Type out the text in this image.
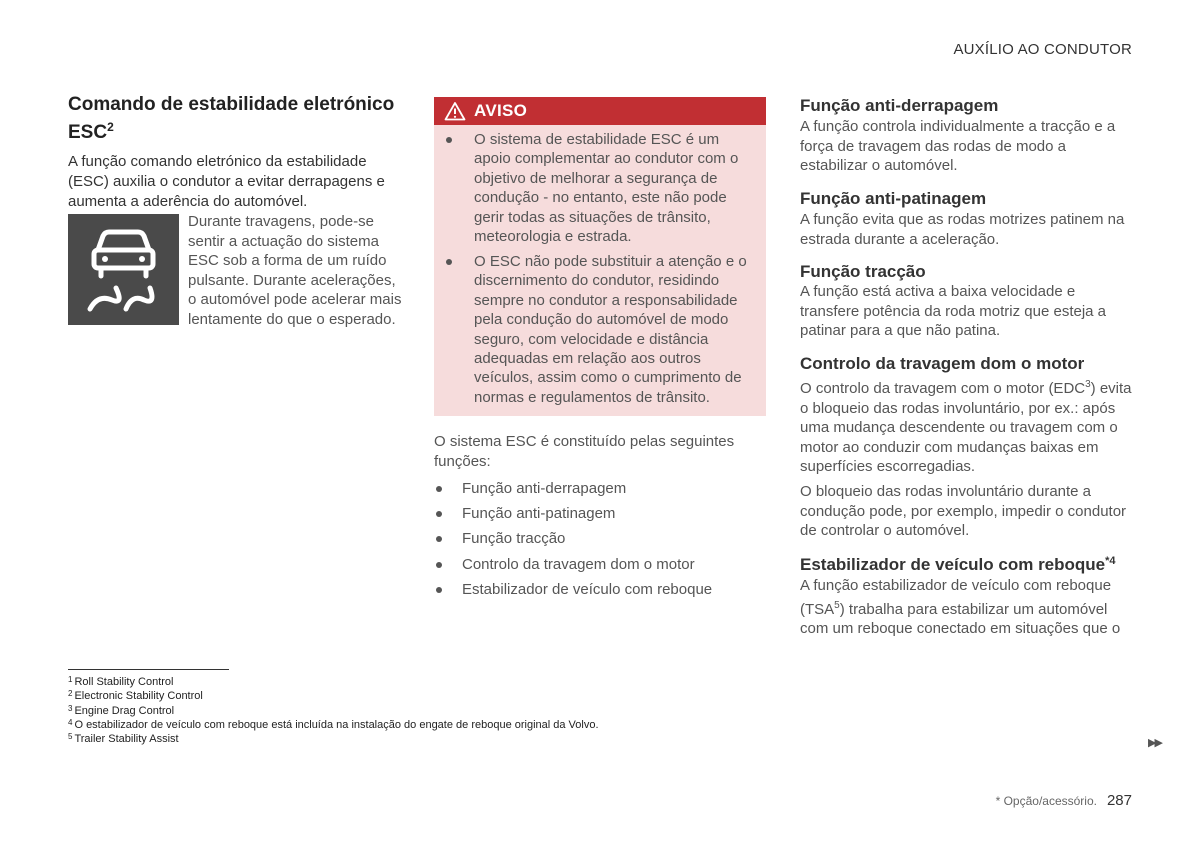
AUXÍLIO AO CONDUTOR
Comando de estabilidade eletrónico ESC$^2$

A função comando eletrónico da estabilidade (ESC) auxilia o condutor a evitar derrapagens e aumenta a aderência do automóvel.

Durante travagens, pode-se sentir a actuação do sistema ESC sob a forma de um ruído pulsante. Durante acelerações, o automóvel pode acelerar mais lentamente do que o esperado.
AVISO
O sistema de estabilidade ESC é um apoio complementar ao condutor com o objetivo de melhorar a segurança de condução - no entanto, este não pode gerir todas as situações de trânsito, meteorologia e estrada.
O ESC não pode substituir a atenção e o discernimento do condutor, residindo sempre no condutor a responsabilidade pela condução do automóvel de modo seguro, com velocidade e distância adequadas em relação aos outros veículos, assim como o cumprimento de normas e regulamentos de trânsito.
O sistema ESC é constituído pelas seguintes funções:
Função anti-derrapagem
Função anti-patinagem
Função tracção
Controlo da travagem dom o motor
Estabilizador de veículo com reboque
Função anti-derrapagem
A função controla individualmente a tracção e a força de travagem das rodas de modo a estabilizar o automóvel.
Função anti-patinagem
A função evita que as rodas motrizes patinem na estrada durante a aceleração.
Função tracção
A função está activa a baixa velocidade e transfere potência da roda motriz que esteja a patinar para a que não patina.
Controlo da travagem dom o motor
O controlo da travagem com o motor (EDC$^3$) evita o bloqueio das rodas involuntário, por ex.: após uma mudança descendente ou travagem com o motor ao conduzir com mudanças baixas em superfícies escorregadias.
O bloqueio das rodas involuntário durante a condução pode, por exemplo, impedir o condutor de controlar o automóvel.
Estabilizador de veículo com reboque$^{*4}$
A função estabilizador de veículo com reboque (TSA$^5$) trabalha para estabilizar um automóvel com um reboque conectado em situações que o
$^1$ Roll Stability Control
$^2$ Electronic Stability Control
$^3$ Engine Drag Control
$^4$ O estabilizador de veículo com reboque está incluída na instalação do engate de reboque original da Volvo.
$^5$ Trailer Stability Assist	▶▶
* Opção/acessório. 287
